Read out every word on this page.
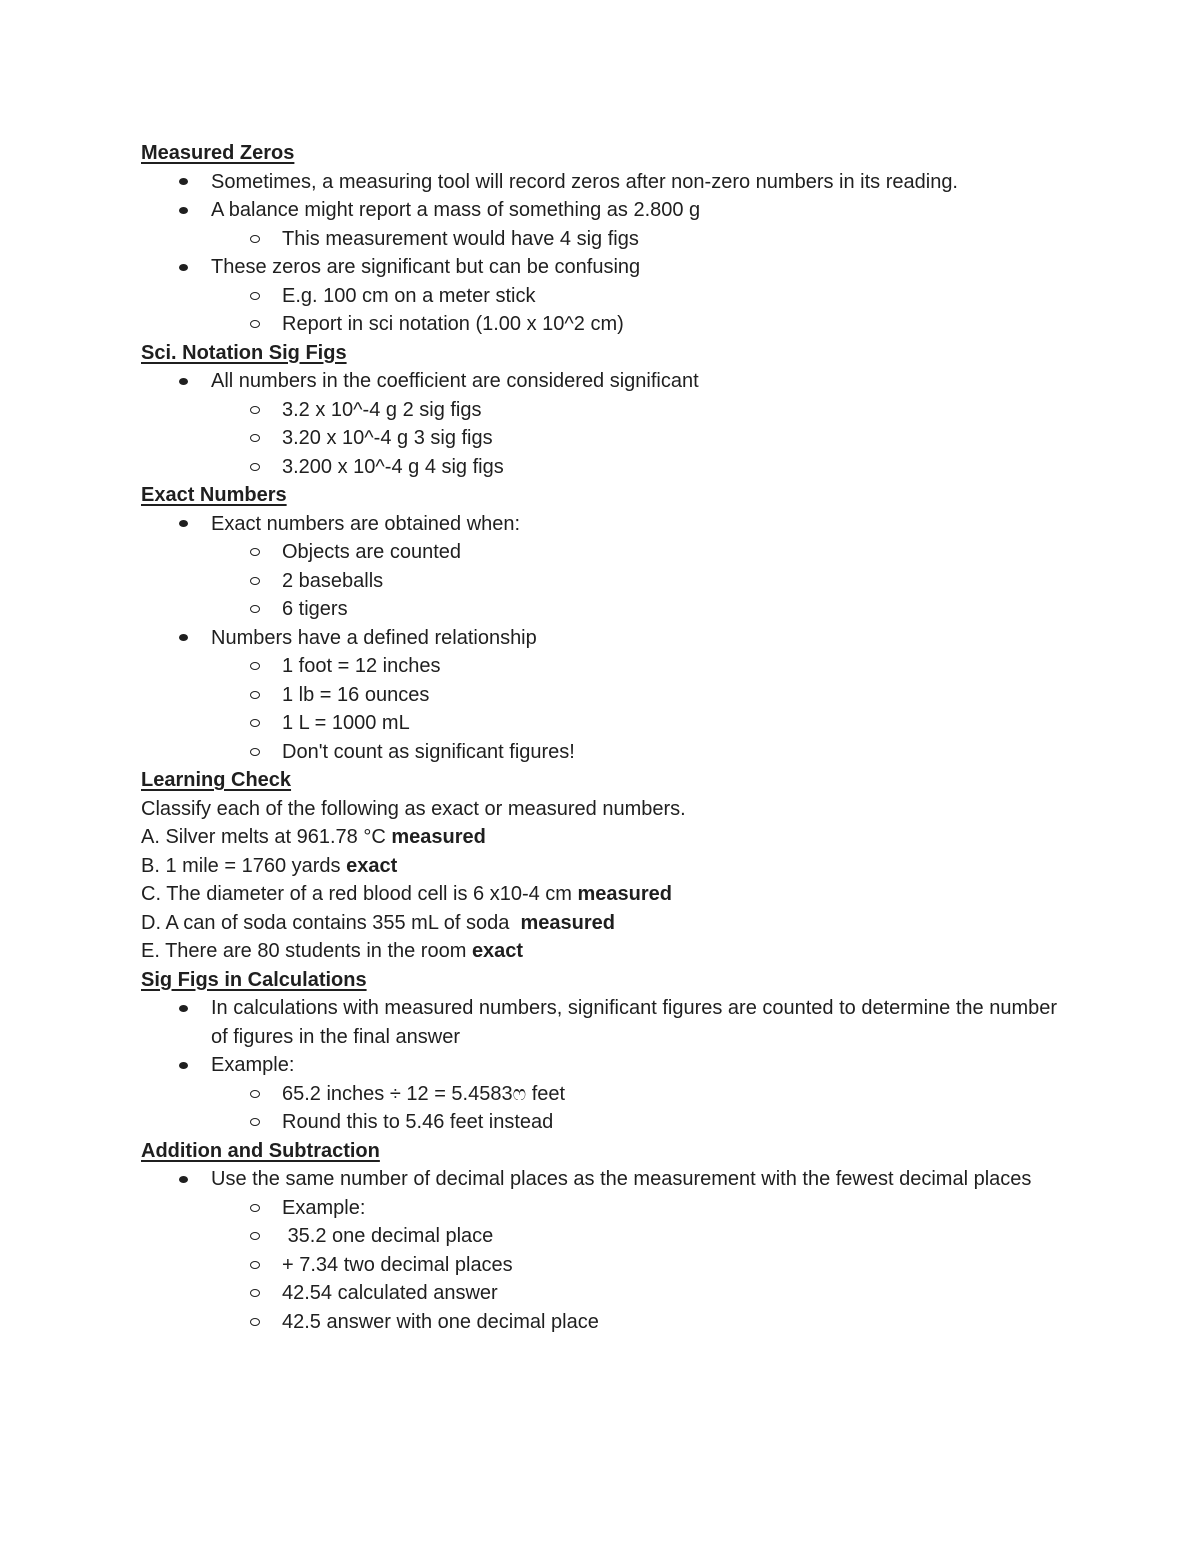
Measured Zeros
Sometimes, a measuring tool will record zeros after non-zero numbers in its reading.
A balance might report a mass of something as 2.800 g
This measurement would have 4 sig figs
These zeros are significant but can be confusing
E.g. 100 cm on a meter stick
Report in sci notation (1.00 x 10^2 cm)
Sci. Notation Sig Figs
All numbers in the coefficient are considered significant
3.2 x 10^-4 g 2 sig figs
3.20 x 10^-4 g 3 sig figs
3.200 x 10^-4 g 4 sig figs
Exact Numbers
Exact numbers are obtained when:
Objects are counted
2 baseballs
6 tigers
Numbers have a defined relationship
1 foot = 12 inches
1 lb = 16 ounces
1 L = 1000 mL
Don't count as significant figures!
Learning Check
Classify each of the following as exact or measured numbers.
A. Silver melts at 961.78 °C measured
B. 1 mile = 1760 yards exact
C. The diameter of a red blood cell is 6 x10-4 cm measured
D. A can of soda contains 355 mL of soda  measured
E. There are 80 students in the room exact
Sig Figs in Calculations
In calculations with measured numbers, significant figures are counted to determine the number of figures in the final answer
Example:
65.2 inches ÷ 12 = 5.4583ෆ feet
Round this to 5.46 feet instead
Addition and Subtraction
Use the same number of decimal places as the measurement with the fewest decimal places
Example:
35.2 one decimal place
+ 7.34 two decimal places
42.54 calculated answer
42.5 answer with one decimal place
